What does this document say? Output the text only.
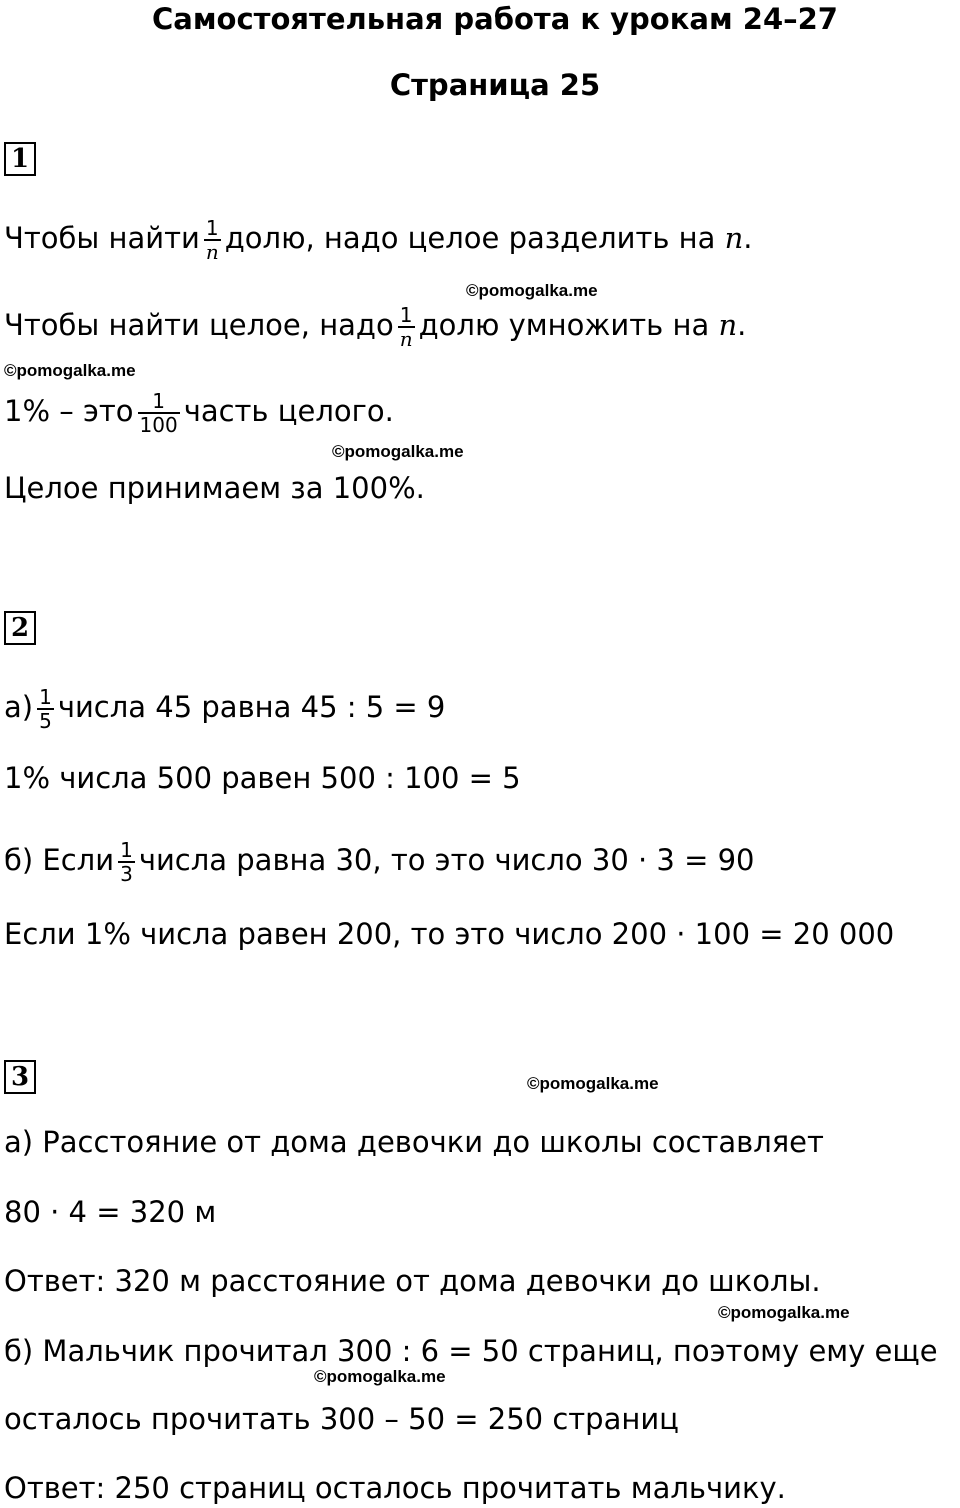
Самостоятельная работа к урокам 24–27
Страница 25
1
Чтобы найти $\frac{1}{n}$ долю, надо целое разделить на n.
©pomogalka.me
Чтобы найти целое, надо $\frac{1}{n}$ долю умножить на n.
©pomogalka.me
1% – это $\frac{1}{100}$ часть целого.
©pomogalka.me
Целое принимаем за 100%.
2
$а) \frac{1}{5}$ числа 45 равна 45 : 5 = 9
1% числа 500 равен 500 : 100 = 5
б) Если $\frac{1}{3}$ числа равна 30, то это число 30 · 3 = 90
Если 1% числа равен 200, то это число 200 · 100 = 20 000
3	©pomogalka.me
а) Расстояние от дома девочки до школы составляет
80 · 4 = 320 м
Ответ: 320 м расстояние от дома девочки до школы.
©pomogalka.me
б) Мальчик прочитал 300 : 6 = 50 страниц, поэтому ему еще
©pomogalka.me
осталось прочитать 300 – 50 = 250 страниц
Ответ: 250 страниц осталось прочитать мальчику.
